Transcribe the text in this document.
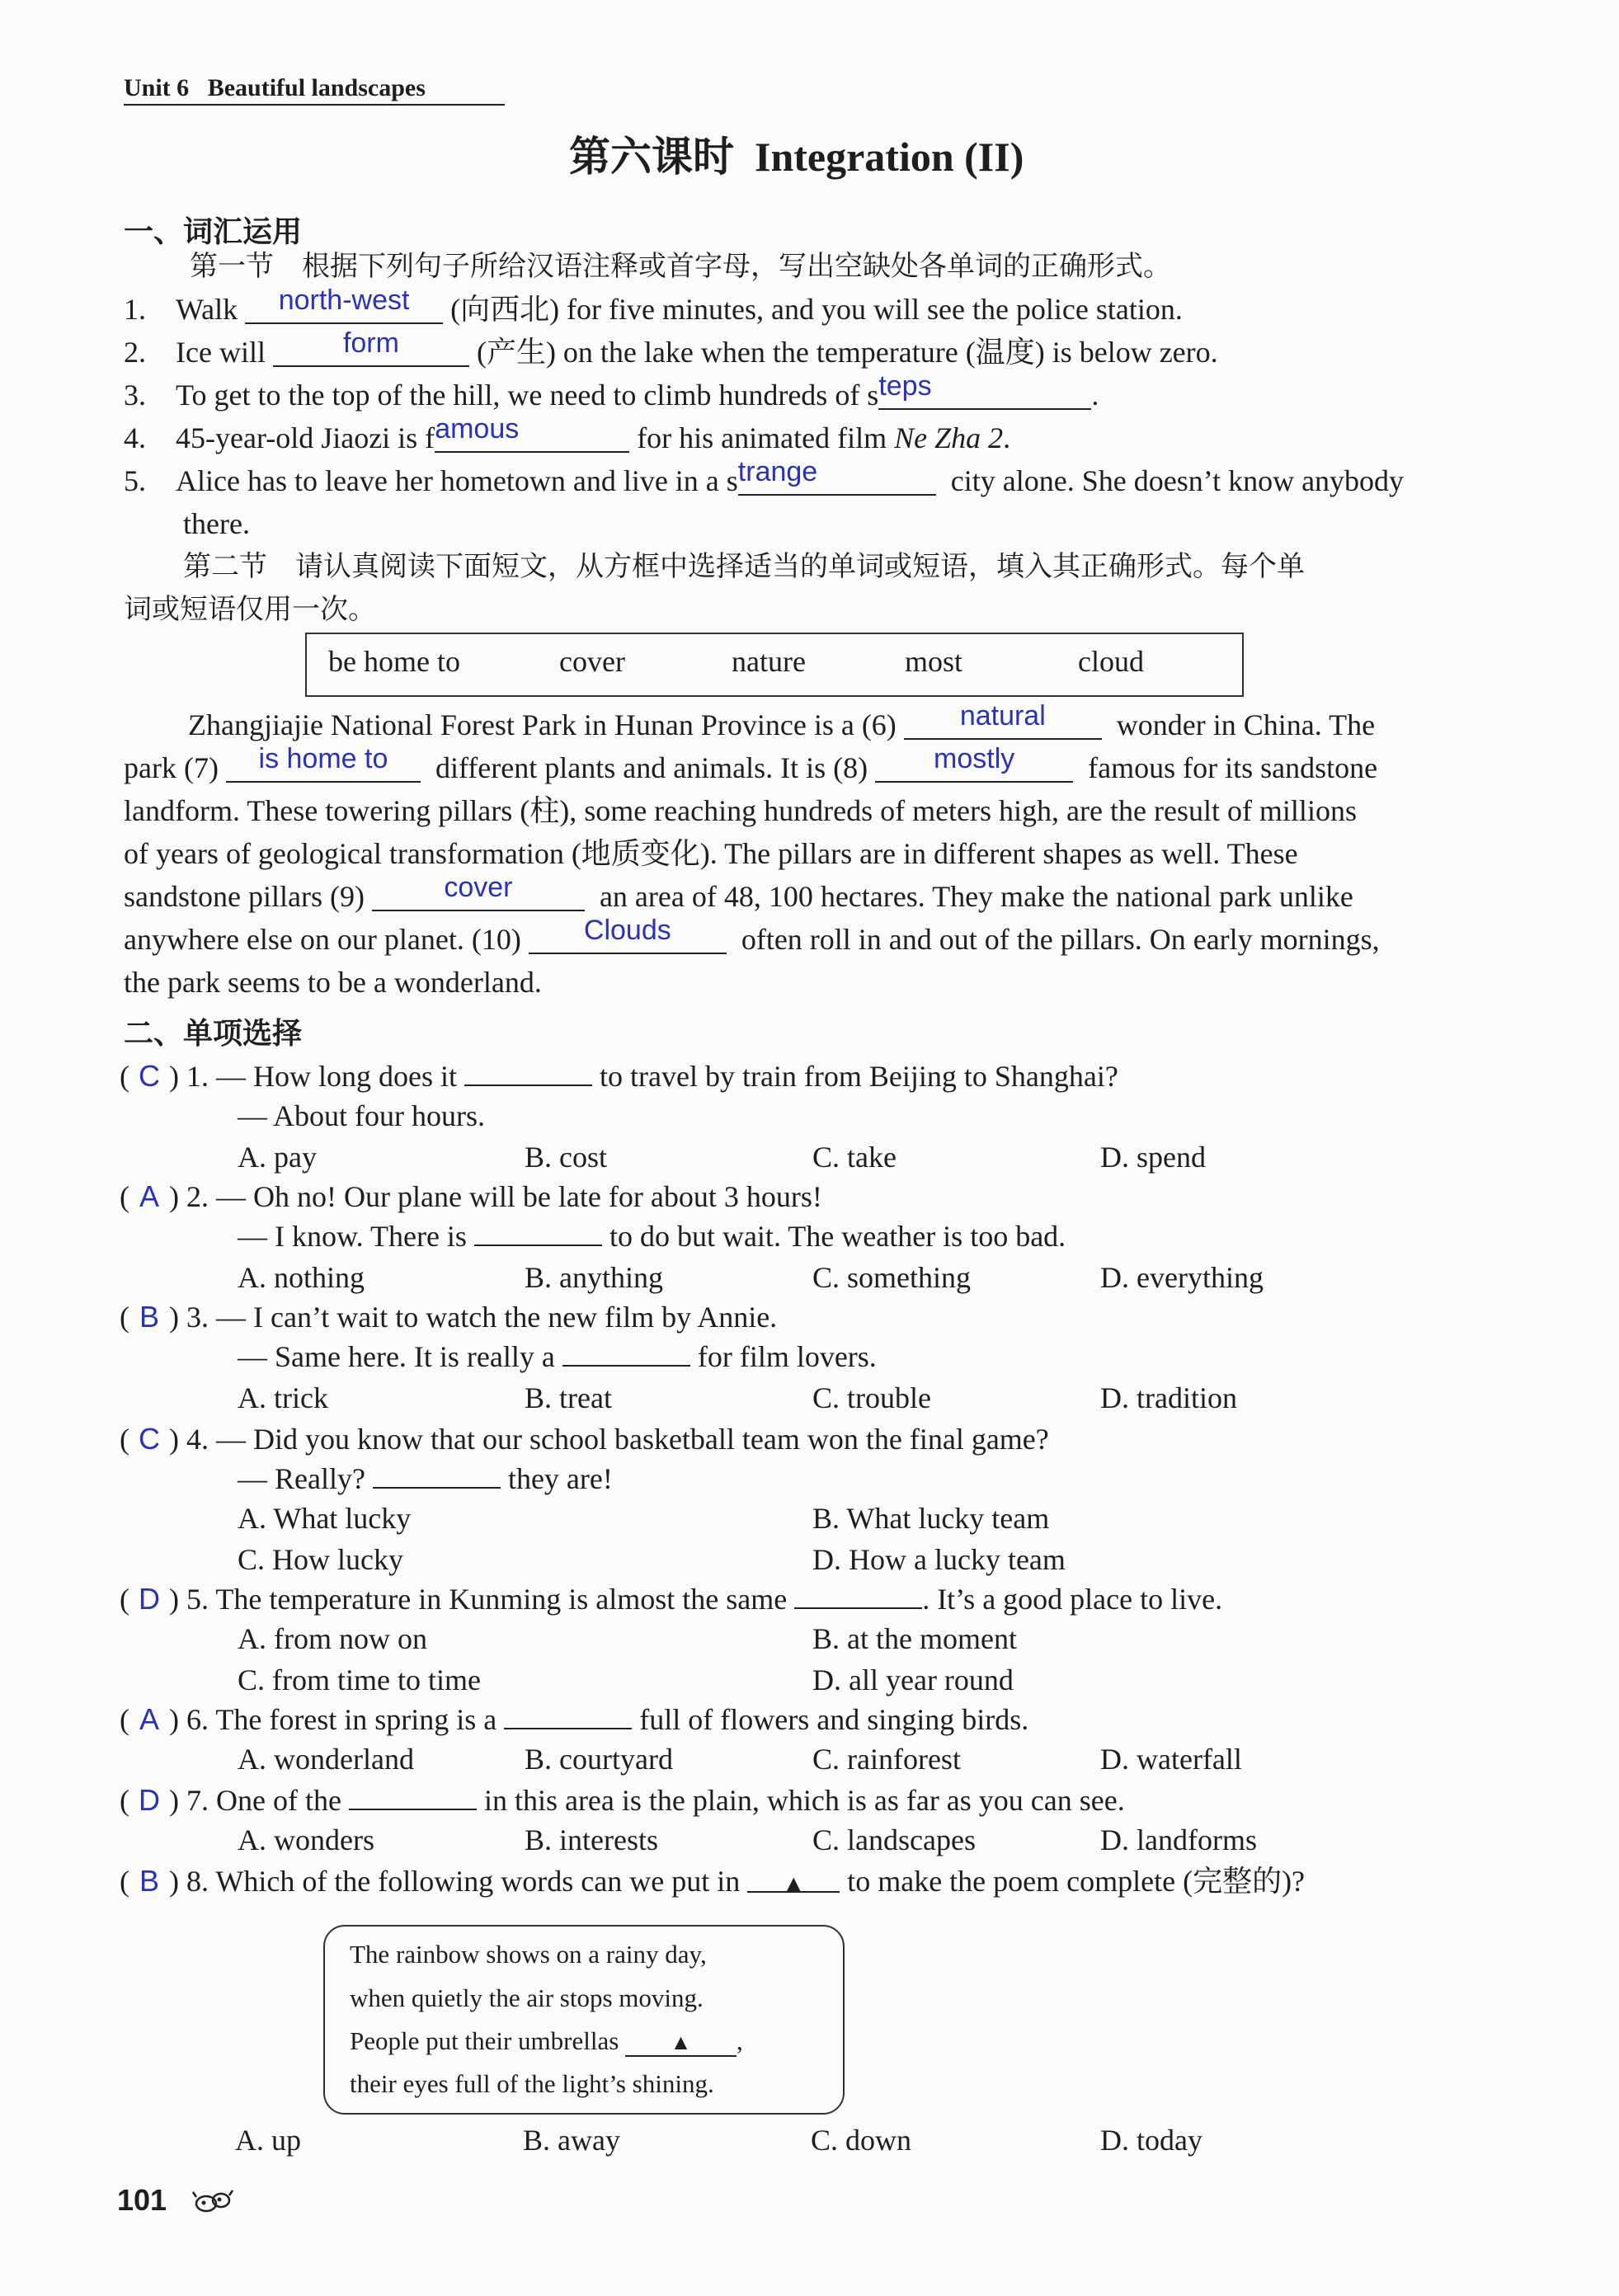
Unit 6 Beautiful landscapes
第六课时 Integration (II)
一、词汇运用
第一节　根据下列句子所给汉语注释或首字母，写出空缺处各单词的正确形式。
1. Walk north-west (向西北) for five minutes, and you will see the police station.
2. Ice will	form	(产生) on the lake when the temperature (温度) is below zero.
3. To get to the top of the hill, we need to climb hundreds of steps	.
4. 45-year-old Jiaozi is famous	for his animated film Ne Zha 2.
5. Alice has to leave her hometown and live in a strange	city alone. She doesn’t know anybody
there.
第二节　请认真阅读下面短文，从方框中选择适当的单词或短语，填入其正确形式。每个单
词或短语仅用一次。
be home to	cover	nature	most	cloud
Zhangjiajie National Forest Park in Hunan Province is a (6) natural wonder in China. The
park (7) is home to different plants and animals. It is (8) mostly famous for its sandstone
landform. These towering pillars (柱), some reaching hundreds of meters high, are the result of millions
of years of geological transformation (地质变化). The pillars are in different shapes as well. These
sandstone pillars (9)	cover	an area of 48, 100 hectares. They make the national park unlike
anywhere else on our planet. (10) Clouds often roll in and out of the pillars. On early mornings,
the park seems to be a wonderland.
二、单项选择
( C ) 1. — How long does it	to travel by train from Beijing to Shanghai?
— About four hours.
A. pay	B. cost	C. take	D. spend
( A ) 2. — Oh no! Our plane will be late for about 3 hours!
— I know. There is	to do but wait. The weather is too bad.
A. nothing	B. anything	C. something	D. everything
( B ) 3. — I can’t wait to watch the new film by Annie.
— Same here. It is really a	for film lovers.
A. trick	B. treat	C. trouble	D. tradition
( C ) 4. — Did you know that our school basketball team won the final game?
— Really?	they are!
A. What lucky	B. What lucky team
C. How lucky	D. How a lucky team
( D ) 5. The temperature in Kunming is almost the same	. It’s a good place to live.
A. from now on	B. at the moment
C. from time to time	D. all year round
( A ) 6. The forest in spring is a	full of flowers and singing birds.
A. wonderland	B. courtyard	C. rainforest	D. waterfall
( D ) 7. One of the	in this area is the plain, which is as far as you can see.
A. wonders	B. interests	C. landscapes	D. landforms
( B ) 8. Which of the following words can we put in ▲ to make the poem complete (完整的)?
The rainbow shows on a rainy day,
when quietly the air stops moving.
People put their umbrellas ▲ ,
their eyes full of the light’s shining.
A. up	B. away	C. down	D. today
101
